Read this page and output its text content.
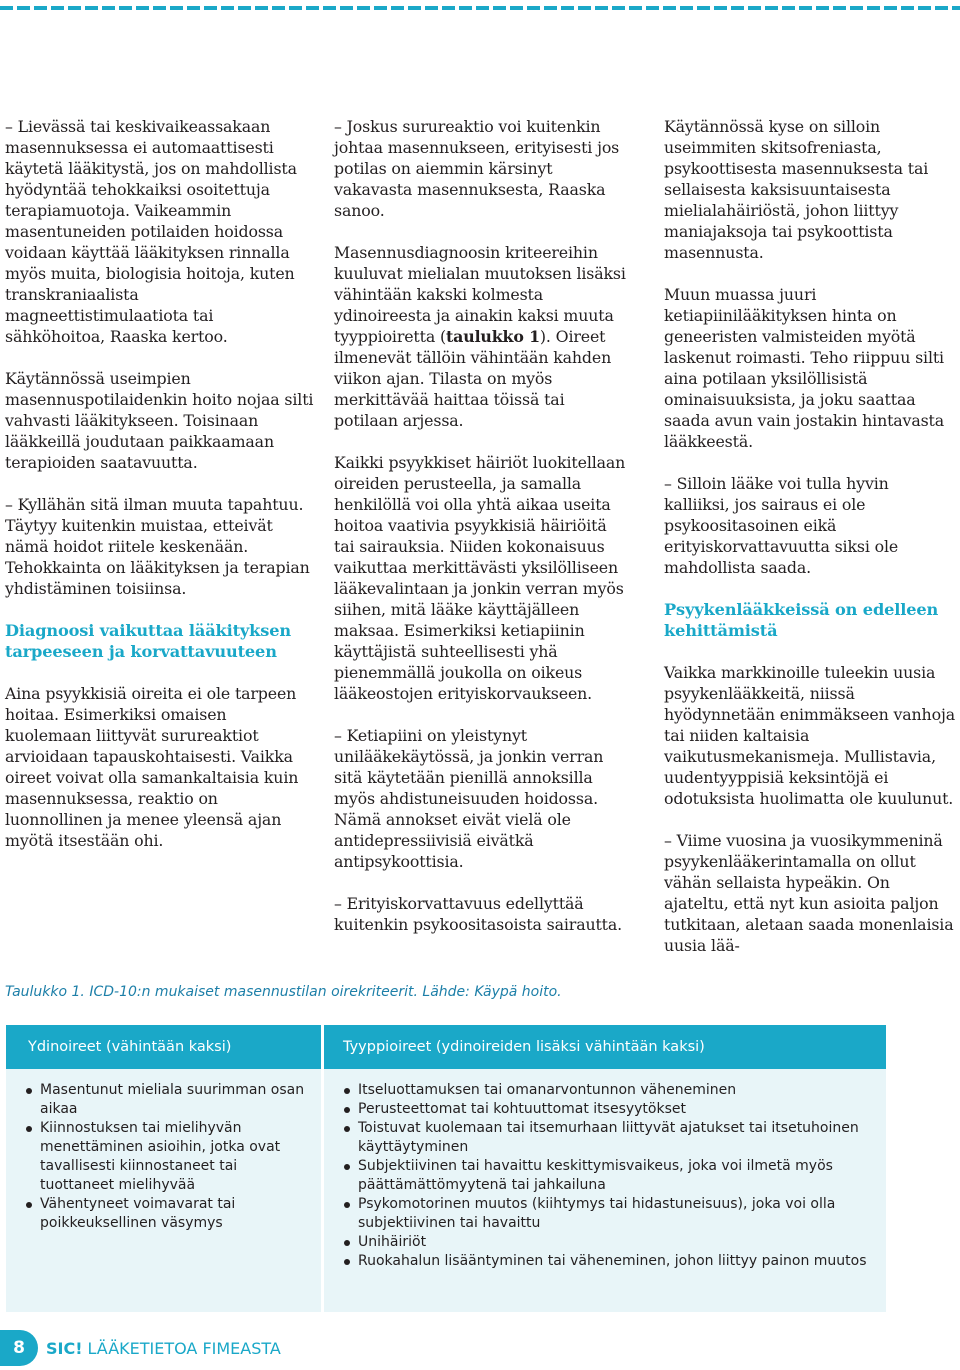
– Lievässä tai keskivaikeassakaan masennuksessa ei automaattisesti käytetä lääkitystä, jos on mahdollista hyödyntää tehokkaiksi osoitettuja terapiamuotoja. Vaikeammin masentuneiden potilaiden hoidossa voidaan käyttää lääkityksen rinnalla myös muita, biologisia hoitoja, kuten transkraniaalista magneettistimulaatiota tai sähköhoitoa, Raaska kertoo.

Käytännössä useimpien masennuspotilaidenkin hoito nojaa silti vahvasti lääkitykseen. Toisinaan lääkkeillä joudutaan paikkaamaan terapioiden saatavuutta.

– Kyllähän sitä ilman muuta tapahtuu. Täytyy kuitenkin muistaa, etteivät nämä hoidot riitele keskenään. Tehokkainta on lääkityksen ja terapian yhdistäminen toisiinsa.

Diagnoosi vaikuttaa lääkityksen tarpeeseen ja korvattavuuteen

Aina psyykkisiä oireita ei ole tarpeen hoitaa. Esimerkiksi omaisen kuolemaan liittyvät surureaktiot arvioidaan tapauskohtaisesti. Vaikka oireet voivat olla samankaltaisia kuin masennuksessa, reaktio on luonnollinen ja menee yleensä ajan myötä itsestään ohi.

– Joskus surureaktio voi kuitenkin johtaa masennukseen, erityisesti jos potilas on aiemmin kärsinyt vakavasta masennuksesta, Raaska sanoo.

Masennusdiagnoosin kriteereihin kuuluvat mielialan muutoksen lisäksi vähintään kakski kolmesta ydinoireesta ja ainakin kaksi muuta tyyppioiretta (taulukko 1). Oireet ilmenevät tällöin vähintään kahden viikon ajan. Tilasta on myös merkittävää haittaa töissä tai potilaan arjessa.

Kaikki psyykkiset häiriöt luokitellaan oireiden perusteella, ja samalla henkilöllä voi olla yhtä aikaa useita hoitoa vaativia psyykkisiä häiriöitä tai sairauksia. Niiden kokonaisuus vaikuttaa merkittävästi yksilölliseen lääkevalintaan ja jonkin verran myös siihen, mitä lääke käyttäjälleen maksaa. Esimerkiksi ketiapiinin käyttäjistä suhteellisesti yhä pienemmällä joukolla on oikeus lääkeostojen erityiskorvaukseen.

– Ketiapiini on yleistynyt unilääkekäytössä, ja jonkin verran sitä käytetään pienillä annoksilla myös ahdistuneisuuden hoidossa. Nämä annokset eivät vielä ole antidepressiivisiä eivätkä antipsykoottisia.

– Erityiskorvattavuus edellyttää kuitenkin psykoositasoista sairautta.

Käytännössä kyse on silloin useimmiten skitsofreniasta, psykoottisesta masennuksesta tai sellaisesta kaksisuuntaisesta mielialahäiriöstä, johon liittyy maniajaksoja tai psykoottista masennusta.

Muun muassa juuri ketiapiinilääkityksen hinta on geneeristen valmisteiden myötä laskenut roimasti. Teho riippuu silti aina potilaan yksilöllisistä ominaisuuksista, ja joku saattaa saada avun vain jostakin hintavasta lääkkeestä.

– Silloin lääke voi tulla hyvin kalliiksi, jos sairaus ei ole psykoositasoinen eikä erityiskorvattavuutta siksi ole mahdollista saada.

Psyykenlääkkeissä on edelleen kehittämistä

Vaikka markkinoille tuleekin uusia psyykenlääkkeitä, niissä hyödynnetään enimmäkseen vanhoja tai niiden kaltaisia vaikutusmekanismeja. Mullistavia, uudentyyppisiä keksintöjä ei odotuksista huolimatta ole kuulunut.

– Viime vuosina ja vuosikymmeninä psyykenlääkerintamalla on ollut vähän sellaista hypeäkin. On ajateltu, että nyt kun asioita paljon tutkitaan, aletaan saada monenlaisia uusia lää-

Taulukko 1. ICD-10:n mukaiset masennustilan oirekriteerit. Lähde: Käypä hoito.
Ydinoireet (vähintään kaksi)	Tyyppioireet (ydinoireiden lisäksi vähintään kaksi)
Masentunut mieliala suurimman osan aikaa
Kiinnostuksen tai mielihyvän menettäminen asioihin, jotka ovat tavallisesti kiinnostaneet tai tuottaneet mielihyvää
Vähentyneet voimavarat tai poikkeuksellinen väsymys
Itseluottamuksen tai omanarvontunnon väheneminen
Perusteettomat tai kohtuuttomat itsesyytökset
Toistuvat kuolemaan tai itsemurhaan liittyvät ajatukset tai itsetuhoinen käyttäytyminen
Subjektiivinen tai havaittu keskittymisvaikeus, joka voi ilmetä myös päättämättömyytenä tai jahkailuna
Psykomotorinen muutos (kiihtymys tai hidastuneisuus), joka voi olla subjektiivinen tai havaittu
Unihäiriöt
Ruokahalun lisääntyminen tai väheneminen, johon liittyy painon muutos
8	SIC! LÄÄKETIETOA FIMEASTA
